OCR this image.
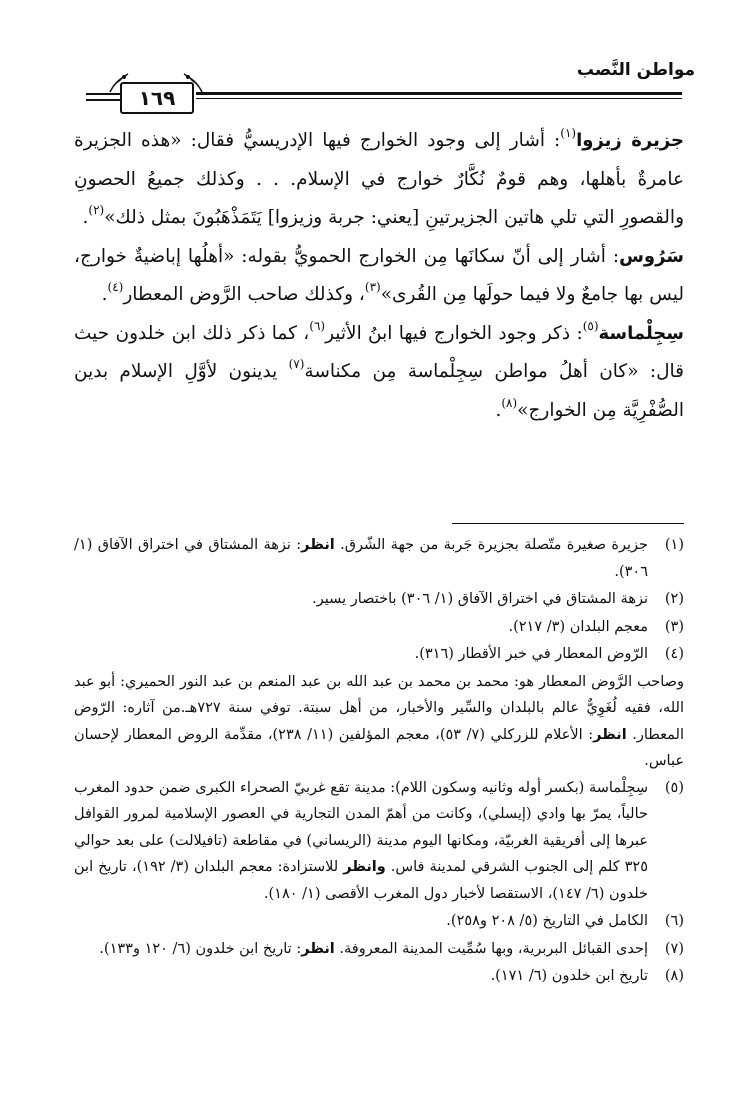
مواطن النَّصب
١٦٩

جزيرة زيزوا$^{(١)}$: أشار إلى وجود الخوارج فيها الإدريسيُّ فقال: «هذه الجزيرة عامرةٌ بأهلها، وهم قومٌ نُكَّارٌ خوارج في الإسلام. . . وكذلك جميعُ الحصونِ والقصورِ التي تلي هاتين الجزيرتينِ [يعني: جربة وزيزوا] يَتَمَذْهَبُونَ بمثل ذلك»$^{(٢)}$.

سَرُوس: أشار إلى أنّ سكانَها مِن الخوارج الحمويُّ بقوله: «أهلُها إباضيةٌ خوارج، ليس بها جامعٌ ولا فيما حولَها مِن القُرى»$^{(٣)}$، وكذلك صاحب الرَّوض المعطار$^{(٤)}$.

سِجِلْماسة$^{(٥)}$: ذكر وجود الخوارج فيها ابنُ الأثير$^{(٦)}$، كما ذكر ذلك ابن خلدون حيث قال: «كان أهلُ مواطن سِجِلْماسة مِن مكناسة$^{(٧)}$ يدينون لأوَّلِ الإسلام بدين الصُّفْرِيَّة مِن الخوارج»$^{(٨)}$.

(١)
جزيرة صغيرة متّصلة بجزيرة جَربة من جهة الشّرق. انظر: نزهة المشتاق في اختراق الآفاق (١/ ٣٠٦).
(٢)
نزهة المشتاق في اختراق الآفاق (١/ ٣٠٦) باختصار يسير.
(٣)
معجم البلدان (٣/ ٢١٧).
(٤)
الرّوض المعطار في خبر الأقطار (٣١٦).
وصاحب الرَّوض المعطار هو: محمد بن محمد بن عبد الله بن عبد المنعم بن عبد النور الحميري: أبو عبد الله، فقيه لُغَوِيٌّ عالم بالبلدان والسِّير والأخبار، من أهل سبتة. توفي سنة ٧٢٧هـ.من آثاره: الرّوض المعطار. انظر: الأعلام للزركلي (٧/ ٥٣)، معجم المؤلفين (١١/ ٢٣٨)، مقدِّمة الروض المعطار لإحسان عباس.
(٥)
سِجِلْماسة (بكسر أوله وثانيه وسكون اللام): مدينة تقع غربيّ الصحراء الكبرى ضمن حدود المغرب حالياً، يمرّ بها وادي (إيسلي)، وكانت من أهمّ المدن التجارية في العصور الإسلامية لمرور القوافل عبرها إلى أفريقية الغربيّة، ومكانها اليوم مدينة (الريساني) في مقاطعة (تافيلالت) على بعد حوالي ٣٢٥ كلم إلى الجنوب الشرقي لمدينة فاس. وانظر للاستزادة: معجم البلدان (٣/ ١٩٢)، تاريخ ابن خلدون (٦/ ١٤٧)، الاستقصا لأخبار دول المغرب الأقصى (١/ ١٨٠).
(٦)
الكامل في التاريخ (٥/ ٢٠٨ و٢٥٨).
(٧)
إحدى القبائل البربرية، وبها سُمِّيت المدينة المعروفة. انظر: تاريخ ابن خلدون (٦/ ١٢٠ و١٣٣).
(٨)
تاريخ ابن خلدون (٦/ ١٧١).
